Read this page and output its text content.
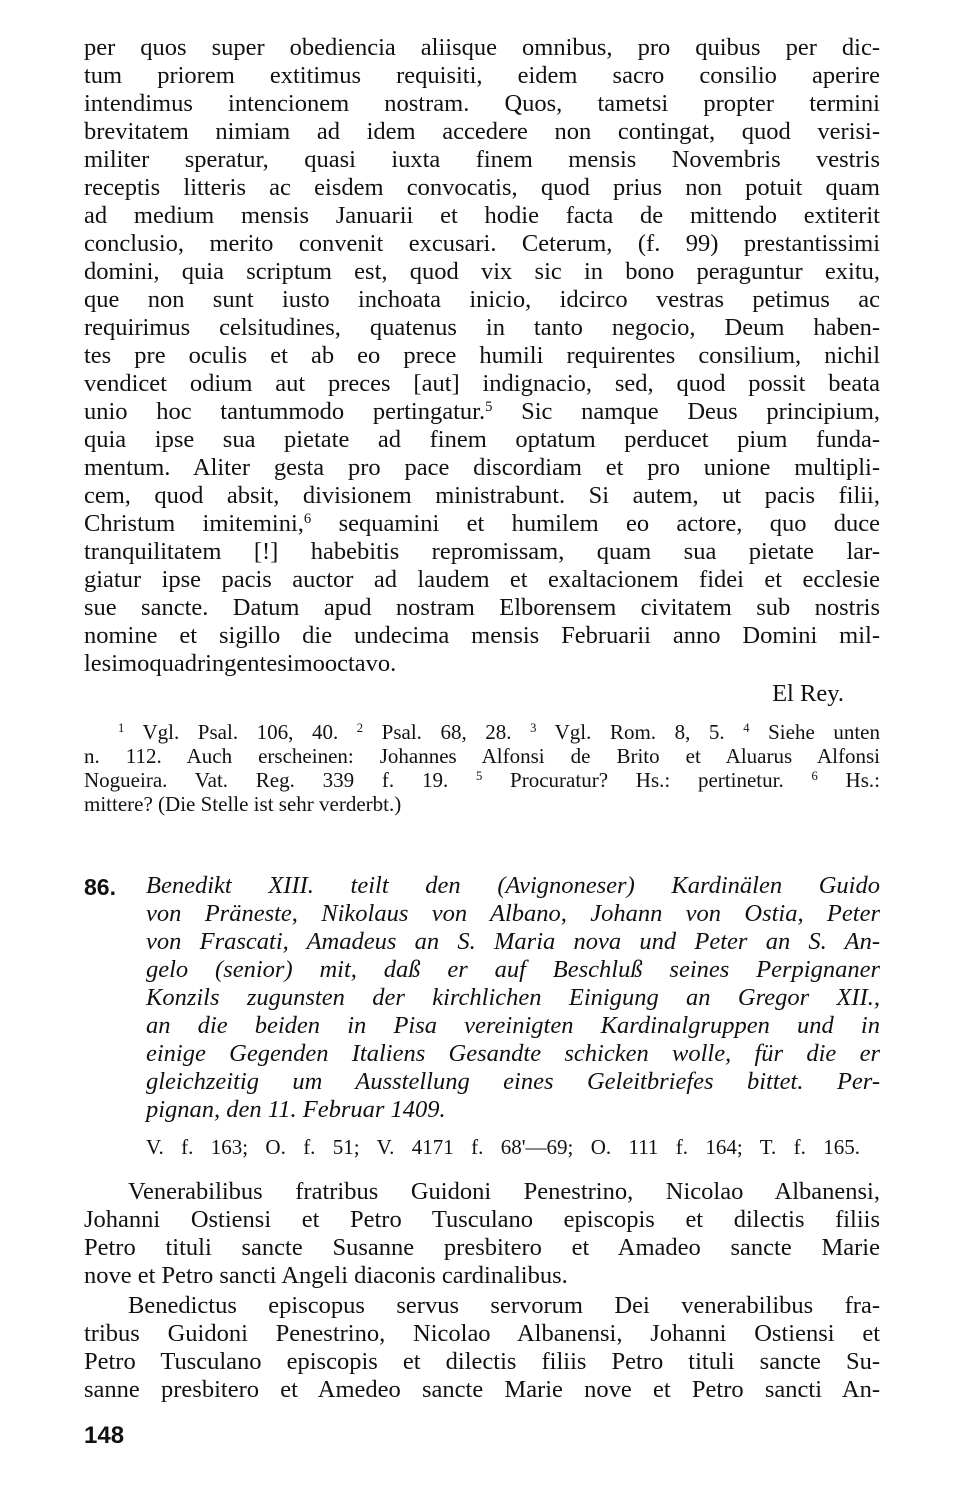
per quos super obediencia aliisque omnibus, pro quibus per dic-
tum priorem extitimus requisiti, eidem sacro consilio aperire
intendimus intencionem nostram. Quos, tametsi propter termini
brevitatem nimiam ad idem accedere non contingat, quod verisi-
militer speratur, quasi iuxta finem mensis Novembris vestris
receptis litteris ac eisdem convocatis, quod prius non potuit quam
ad medium mensis Januarii et hodie facta de mittendo extiterit
conclusio, merito convenit excusari. Ceterum, (f. 99) prestantissimi
domini, quia scriptum est, quod vix sic in bono peraguntur exitu,
que non sunt iusto inchoata inicio, idcirco vestras petimus ac
requirimus celsitudines, quatenus in tanto negocio, Deum haben-
tes pre oculis et ab eo prece humili requirentes consilium, nichil
vendicet odium aut preces [aut] indignacio, sed, quod possit beata
unio hoc tantummodo pertingatur.$^5$ Sic namque Deus principium,
quia ipse sua pietate ad finem optatum perducet pium funda-
mentum. Aliter gesta pro pace discordiam et pro unione multipli-
cem, quod absit, divisionem ministrabunt. Si autem, ut pacis filii,
Christum imitemini,$^6$ sequamini et humilem eo actore, quo duce
tranquilitatem [!] habebitis repromissam, quam sua pietate lar-
giatur ipse pacis auctor ad laudem et exaltacionem fidei et ecclesie
sue sancte. Datum apud nostram Elborensem civitatem sub nostris
nomine et sigillo die undecima mensis Februarii anno Domini mil-
lesimoquadringentesimooctavo.
El Rey.
$^1$ Vgl. Psal. 106, 40. $^2$ Psal. 68, 28. $^3$ Vgl. Rom. 8, 5. $^4$ Siehe unten
n. 112. Auch erscheinen: Johannes Alfonsi de Brito et Aluarus Alfonsi
Nogueira. Vat. Reg. 339 f. 19. $^5$ Procuratur? Hs.: pertinetur. $^6$ Hs.:
mittere? (Die Stelle ist sehr verderbt.)
86. Benedikt XIII. teilt den (Avignoneser) Kardinälen Guido
von Präneste, Nikolaus von Albano, Johann von Ostia, Peter
von Frascati, Amadeus an S. Maria nova und Peter an S. An-
gelo (senior) mit, daß er auf Beschluß seines Perpignaner
Konzils zugunsten der kirchlichen Einigung an Gregor XII.,
an die beiden in Pisa vereinigten Kardinalgruppen und in
einige Gegenden Italiens Gesandte schicken wolle, für die er
gleichzeitig um Ausstellung eines Geleitbriefes bittet. Per-
pignan, den 11. Februar 1409.
V. f. 163; O. f. 51; V. 4171 f. 68'—69; O. 111 f. 164; T. f. 165.
Venerabilibus fratribus Guidoni Penestrino, Nicolao Albanensi,
Johanni Ostiensi et Petro Tusculano episcopis et dilectis filiis
Petro tituli sancte Susanne presbitero et Amadeo sancte Marie
nove et Petro sancti Angeli diaconis cardinalibus.
Benedictus episcopus servus servorum Dei venerabilibus fra-
tribus Guidoni Penestrino, Nicolao Albanensi, Johanni Ostiensi et
Petro Tusculano episcopis et dilectis filiis Petro tituli sancte Su-
sanne presbitero et Amedeo sancte Marie nove et Petro sancti An-
148
